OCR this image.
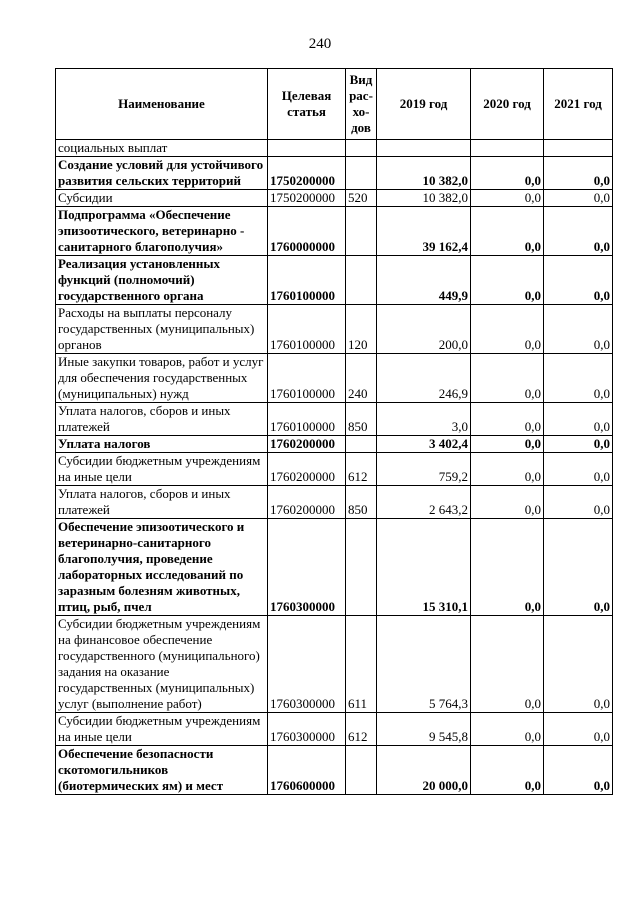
240
Наименование	Целевая статья	Вид рас-хо-дов	2019 год	2020 год	2021 год
социальных выплат					
Создание условий для устойчивого развития сельских территорий	1750200000		10 382,0	0,0	0,0
Субсидии	1750200000	520	10 382,0	0,0	0,0
Подпрограмма «Обеспечение эпизоотического, ветеринарно - санитарного благополучия»	1760000000		39 162,4	0,0	0,0
Реализация установленных функций (полномочий) государственного органа	1760100000		449,9	0,0	0,0
Расходы на выплаты персоналу государственных (муниципальных) органов	1760100000	120	200,0	0,0	0,0
Иные закупки товаров, работ и услуг для обеспечения государственных (муниципальных) нужд	1760100000	240	246,9	0,0	0,0
Уплата налогов, сборов и иных платежей	1760100000	850	3,0	0,0	0,0
Уплата налогов	1760200000		3 402,4	0,0	0,0
Субсидии бюджетным учреждениям на иные цели	1760200000	612	759,2	0,0	0,0
Уплата налогов, сборов и иных платежей	1760200000	850	2 643,2	0,0	0,0
Обеспечение эпизоотического и ветеринарно-санитарного благополучия, проведение лабораторных исследований по заразным болезням животных, птиц, рыб, пчел	1760300000		15 310,1	0,0	0,0
Субсидии бюджетным учреждениям на финансовое обеспечение государственного (муниципального) задания на оказание государственных (муниципальных) услуг (выполнение работ)	1760300000	611	5 764,3	0,0	0,0
Субсидии бюджетным учреждениям на иные цели	1760300000	612	9 545,8	0,0	0,0
Обеспечение безопасности скотомогильников (биотермических ям) и мест	1760600000		20 000,0	0,0	0,0
